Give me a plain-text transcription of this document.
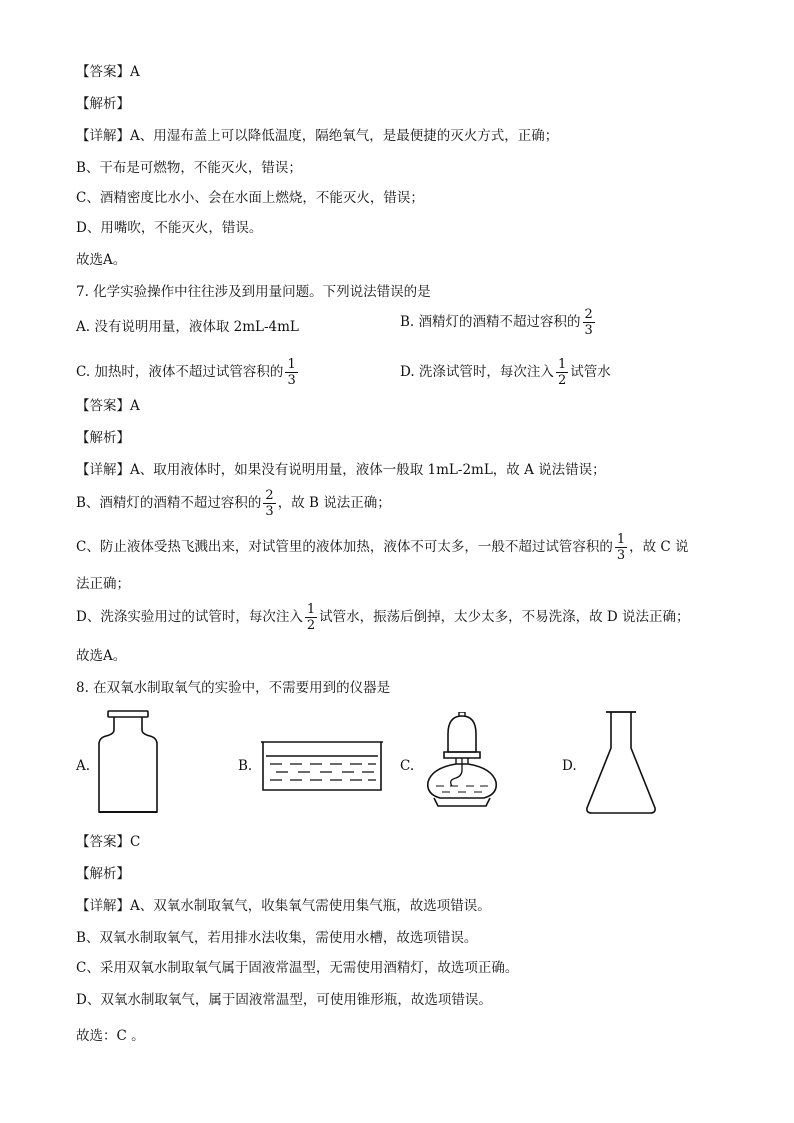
【答案】A
【解析】
【详解】A、用湿布盖上可以降低温度，隔绝氧气，是最便捷的灭火方式，正确；
B、干布是可燃物，不能灭火，错误；
C、酒精密度比水小、会在水面上燃烧，不能灭火，错误；
D、用嘴吹，不能灭火，错误。
故选A。
7. 化学实验操作中往往涉及到用量问题。下列说法错误的是
A. 没有说明用量，液体取 2mL-4mL	B. 酒精灯的酒精不超过容积的 $\frac{2}{3}$
C. 加热时，液体不超过试管容积的 $\frac{1}{3}$	D. 洗涤试管时，每次注入 $\frac{1}{2}$ 试管水
【答案】A
【解析】
【详解】A、取用液体时，如果没有说明用量，液体一般取 1mL-2mL，故 A 说法错误；
B、酒精灯的酒精不超过容积的 $\frac{2}{3}$ ，故 B 说法正确；
C、防止液体受热飞溅出来，对试管里的液体加热，液体不可太多，一般不超过试管容积的 $\frac{1}{3}$ ，故 C 说
法正确；
D、洗涤实验用过的试管时，每次注入 $\frac{1}{2}$ 试管水，振荡后倒掉，太少太多，不易洗涤，故 D 说法正确；
故选A。
8. 在双氧水制取氧气的实验中，不需要用到的仪器是
A.	B.	C.	D.
【答案】C
【解析】
【详解】A、双氧水制取氧气，收集氧气需使用集气瓶，故选项错误。
B、双氧水制取氧气，若用排水法收集，需使用水槽，故选项错误。
C、采用双氧水制取氧气属于固液常温型，无需使用酒精灯，故选项正确。
D、双氧水制取氧气，属于固液常温型，可使用锥形瓶，故选项错误。
故选：C 。
